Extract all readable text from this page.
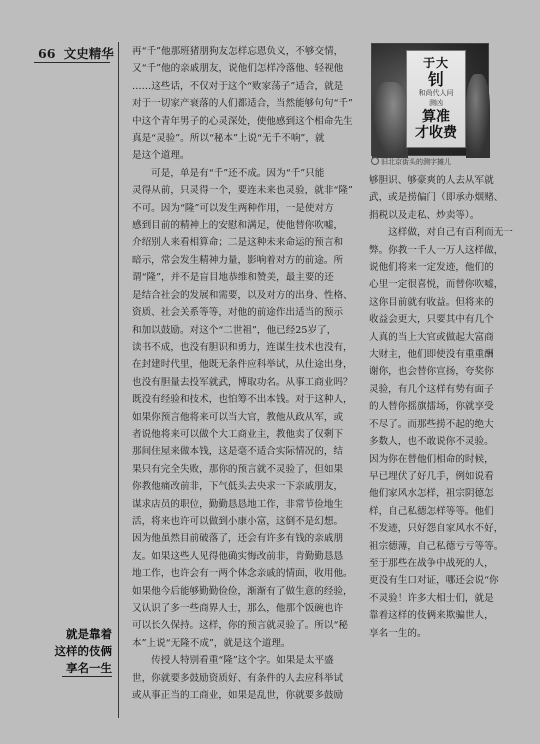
66 文史精华
就是靠着
这样的伎俩
享名一生
于大
钊
和尚代人问
测凶
算准
才收费
旧北京街头的测字摊儿
再“千”他那班猪朋狗友怎样忘恩负义，不够交情，
又“千”他的亲戚朋友，说他们怎样冷落他、轻视他
……这些话，不仅对于这个“败家荡子”适合，就是
对于一切家产衰落的人们都适合，当然能够句句“千”
中这个青年男子的心灵深处，使他感到这个相命先生
真是“灵验”。所以“秘本”上说“无千不响”，就
是这个道理。
　　可是，单是有“千”还不成。因为“千”只能
灵得从前，只灵得一个，要连未来也灵验，就非“隆”
不可。因为“隆”可以发生两种作用，一是使对方
感到目前的精神上的安慰和满足，使他替你吹嘘，
介绍别人来看相算命；二是这种未来命运的预言和
暗示，常会发生精神力量，影响着对方的前途。所
谓“隆”，并不是盲目地恭维和赞美，最主要的还
是结合社会的发展和需要，以及对方的出身、性格、
资质、社会关系等等，对他的前途作出适当的预示
和加以鼓励。对这个“二世祖”，他已经25岁了，
读书不成，也没有胆识和勇力，连谋生技术也没有，
在封建时代里，他既无条件应科举试，从仕途出身，
也没有胆量去投军就武，博取功名。从事工商业吗？
既没有经验和技术，也怕筹不出本钱。对于这种人，
如果你预言他将来可以当大官，教他从政从军，或
者说他将来可以做个大工商业主，教他卖了仅剩下
那间住屋来做本钱，这是毫不适合实际情况的，结
果只有完全失败，那你的预言就不灵验了，但如果
你教他痛改前非，下气低头去央求一下亲戚朋友，
谋求店员的职位，勤勤恳恳地工作，非常节俭地生
活，将来也许可以做到小康小富，这倒不是幻想。
因为他虽然目前破落了，还会有许多有钱的亲戚朋
友。如果这些人见得他确实悔改前非，肯勤勤恳恳
地工作，也许会有一两个体念亲戚的情面，收用他。
如果他今后能够勤勤俭俭，渐渐有了做生意的经验，
又认识了多一些商界人士，那么，他那个饭碗也许
可以长久保持。这样，你的预言就灵验了。所以“秘
本”上说“无隆不成”，就是这个道理。
　　传授人特别看重“隆”这个字。如果是太平盛
世，你就要多鼓励资质好、有条件的人去应科举试
或从事正当的工商业，如果是乱世，你就要多鼓励
够胆识、够豪爽的人去从军就
武，或是捞偏门（即承办烟赌、
捐税以及走私、炒卖等）。
　　这样做，对自己有百利而无一
弊。你教一千人一万人这样做，
说他们将来一定发迹，他们的
心里一定很喜悦，而替你吹嘘，
这你目前就有收益。但将来的
收益会更大，只要其中有几个
人真的当上大官或做起大富商
大财主，他们即使没有重重酬
谢你，也会替你宣扬，夸奖你
灵验，有几个这样有势有面子
的人替你摇旗擂场，你就享受
不尽了。而那些捞不起的绝大
多数人，也不敢说你不灵验。
因为你在替他们相命的时候，
早已埋伏了好几手，例如说看
他们家风水怎样，祖宗阴德怎
样，自己私德怎样等等。他们
不发迹，只好怨自家风水不好，
祖宗德薄，自己私德亏亏等等。
至于那些在战争中战死的人，
更没有生口对证，哪还会说“你
不灵验！许多大相士们，就是
靠着这样的伎俩来欺骗世人，
享名一生的。
